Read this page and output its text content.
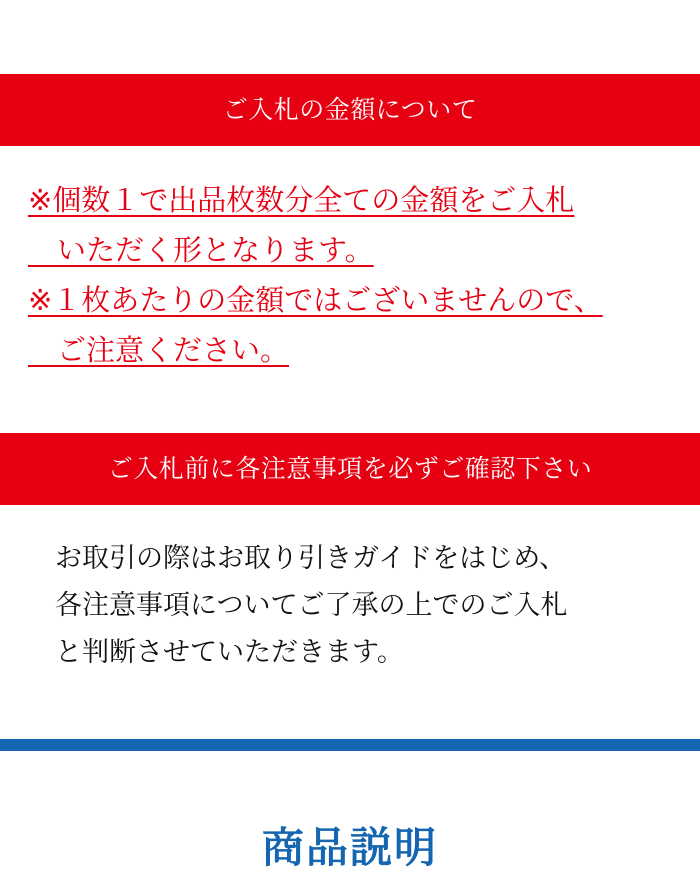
ご入札の金額について
※個数１で出品枚数分全ての金額をご入札
　いただく形となります。
※１枚あたりの金額ではございませんので、
　ご注意ください。
ご入札前に各注意事項を必ずご確認下さい
お取引の際はお取り引きガイドをはじめ、
各注意事項についてご了承の上でのご入札
と判断させていただきます。
商品説明
